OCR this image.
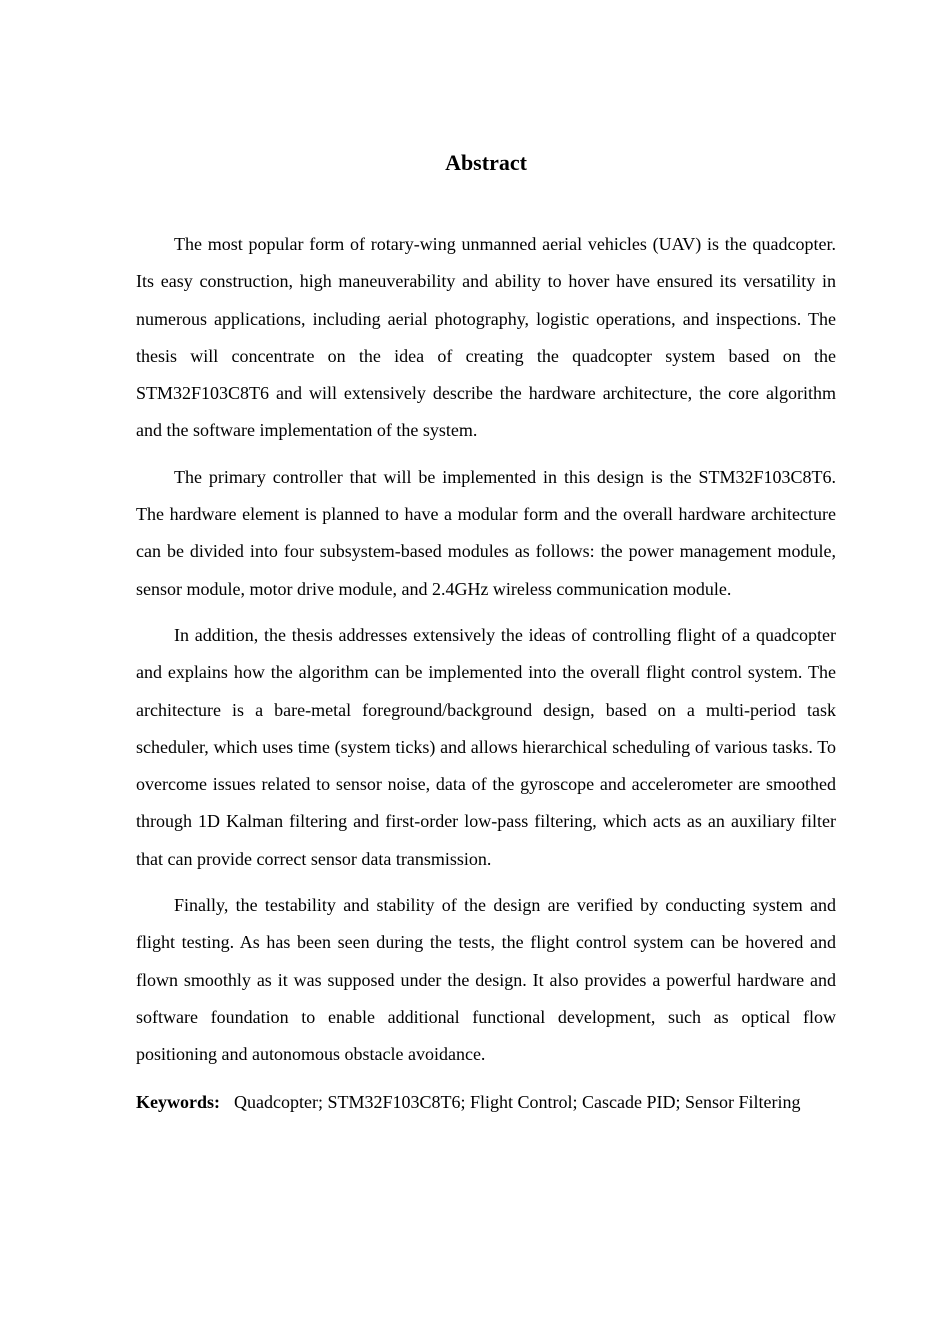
Abstract

The most popular form of rotary-wing unmanned aerial vehicles (UAV) is the quadcopter. Its easy construction, high maneuverability and ability to hover have ensured its versatility in numerous applications, including aerial photography, logistic operations, and inspections. The thesis will concentrate on the idea of creating the quadcopter system based on the STM32F103C8T6 and will extensively describe the hardware architecture, the core algorithm and the software implementation of the system.

The primary controller that will be implemented in this design is the STM32F103C8T6. The hardware element is planned to have a modular form and the overall hardware architecture can be divided into four subsystem-based modules as follows: the power management module, sensor module, motor drive module, and 2.4GHz wireless communication module.

In addition, the thesis addresses extensively the ideas of controlling flight of a quadcopter and explains how the algorithm can be implemented into the overall flight control system. The architecture is a bare-metal foreground/background design, based on a multi-period task scheduler, which uses time (system ticks) and allows hierarchical scheduling of various tasks. To overcome issues related to sensor noise, data of the gyroscope and accelerometer are smoothed through 1D Kalman filtering and first-order low-pass filtering, which acts as an auxiliary filter that can provide correct sensor data transmission.

Finally, the testability and stability of the design are verified by conducting system and flight testing. As has been seen during the tests, the flight control system can be hovered and flown smoothly as it was supposed under the design. It also provides a powerful hardware and software foundation to enable additional functional development, such as optical flow positioning and autonomous obstacle avoidance.

Keywords: Quadcopter; STM32F103C8T6; Flight Control; Cascade PID; Sensor Filtering
